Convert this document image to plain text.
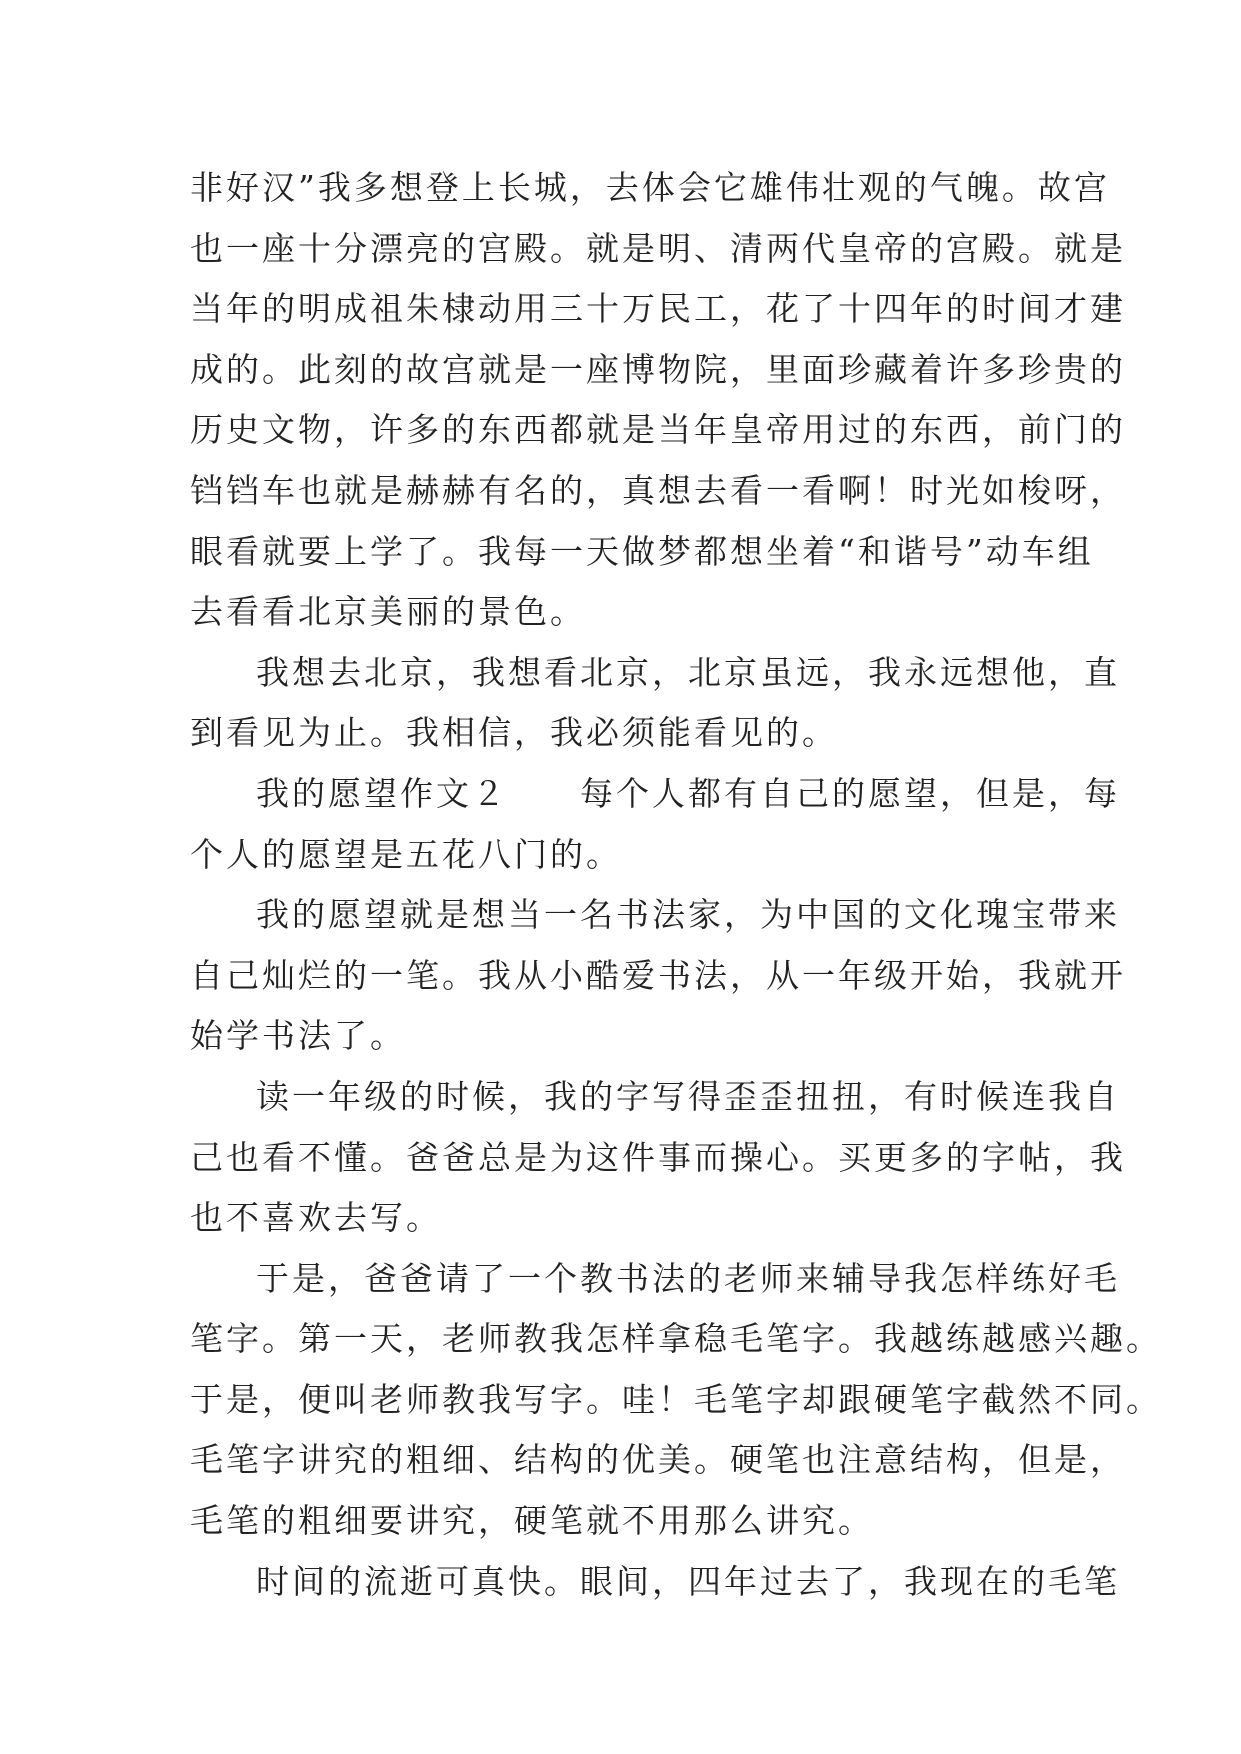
非好汉”我多想登上长城，去体会它雄伟壮观的气魄。故宫
也一座十分漂亮的宫殿。就是明、清两代皇帝的宫殿。就是
当年的明成祖朱棣动用三十万民工，花了十四年的时间才建
成的。此刻的故宫就是一座博物院，里面珍藏着许多珍贵的
历史文物，许多的东西都就是当年皇帝用过的东西，前门的
铛铛车也就是赫赫有名的，真想去看一看啊！时光如梭呀，
眼看就要上学了。我每一天做梦都想坐着“和谐号”动车组
去看看北京美丽的景色。
我想去北京，我想看北京，北京虽远，我永远想他，直
到看见为止。我相信，我必须能看见的。
我的愿望作文２　　每个人都有自己的愿望，但是，每
个人的愿望是五花八门的。
我的愿望就是想当一名书法家，为中国的文化瑰宝带来
自己灿烂的一笔。我从小酷爱书法，从一年级开始，我就开
始学书法了。
读一年级的时候，我的字写得歪歪扭扭，有时候连我自
己也看不懂。爸爸总是为这件事而操心。买更多的字帖，我
也不喜欢去写。
于是，爸爸请了一个教书法的老师来辅导我怎样练好毛
笔字。第一天，老师教我怎样拿稳毛笔字。我越练越感兴趣。
于是，便叫老师教我写字。哇！毛笔字却跟硬笔字截然不同。
毛笔字讲究的粗细、结构的优美。硬笔也注意结构，但是，
毛笔的粗细要讲究，硬笔就不用那么讲究。
时间的流逝可真快。眼间，四年过去了，我现在的毛笔
